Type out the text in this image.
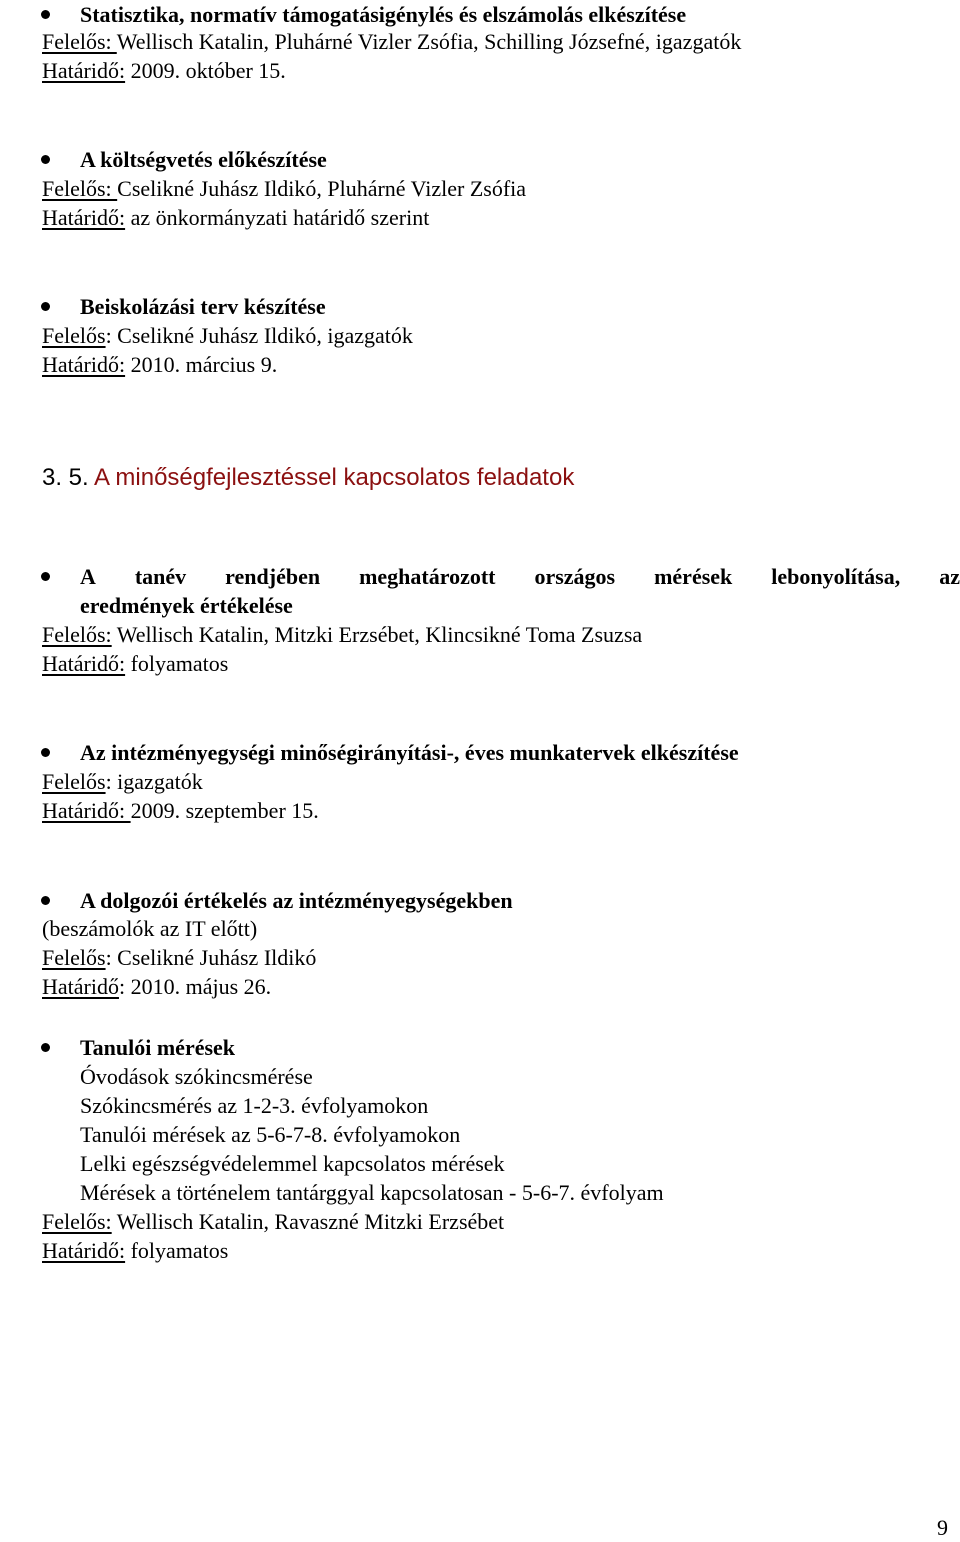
Statisztika, normatív támogatásigénylés és elszámolás elkészítése
Felelős: Wellisch Katalin, Pluhárné Vizler Zsófia, Schilling Józsefné, igazgatók
Határidő: 2009. október 15.
A költségvetés előkészítése
Felelős: Cselikné Juhász Ildikó, Pluhárné Vizler Zsófia
Határidő: az önkormányzati határidő szerint
Beiskolázási terv készítése
Felelős: Cselikné Juhász Ildikó, igazgatók
Határidő: 2010. március 9.
3. 5. A minőségfejlesztéssel kapcsolatos feladatok
A tanév rendjében meghatározott országos mérések lebonyolítása, az
eredmények értékelése
Felelős: Wellisch Katalin, Mitzki Erzsébet, Klincsikné Toma Zsuzsa
Határidő: folyamatos
Az intézményegységi minőségirányítási-, éves munkatervek elkészítése
Felelős: igazgatók
Határidő: 2009. szeptember 15.
A dolgozói értékelés az intézményegységekben
(beszámolók az IT előtt)
Felelős: Cselikné Juhász Ildikó
Határidő: 2010. május 26.
Tanulói mérések
Óvodások szókincsmérése
Szókincsmérés az 1-2-3. évfolyamokon
Tanulói mérések az 5-6-7-8. évfolyamokon
Lelki egészségvédelemmel kapcsolatos mérések
Mérések a történelem tantárggyal kapcsolatosan - 5-6-7. évfolyam
Felelős: Wellisch Katalin, Ravaszné Mitzki Erzsébet
Határidő: folyamatos
9
